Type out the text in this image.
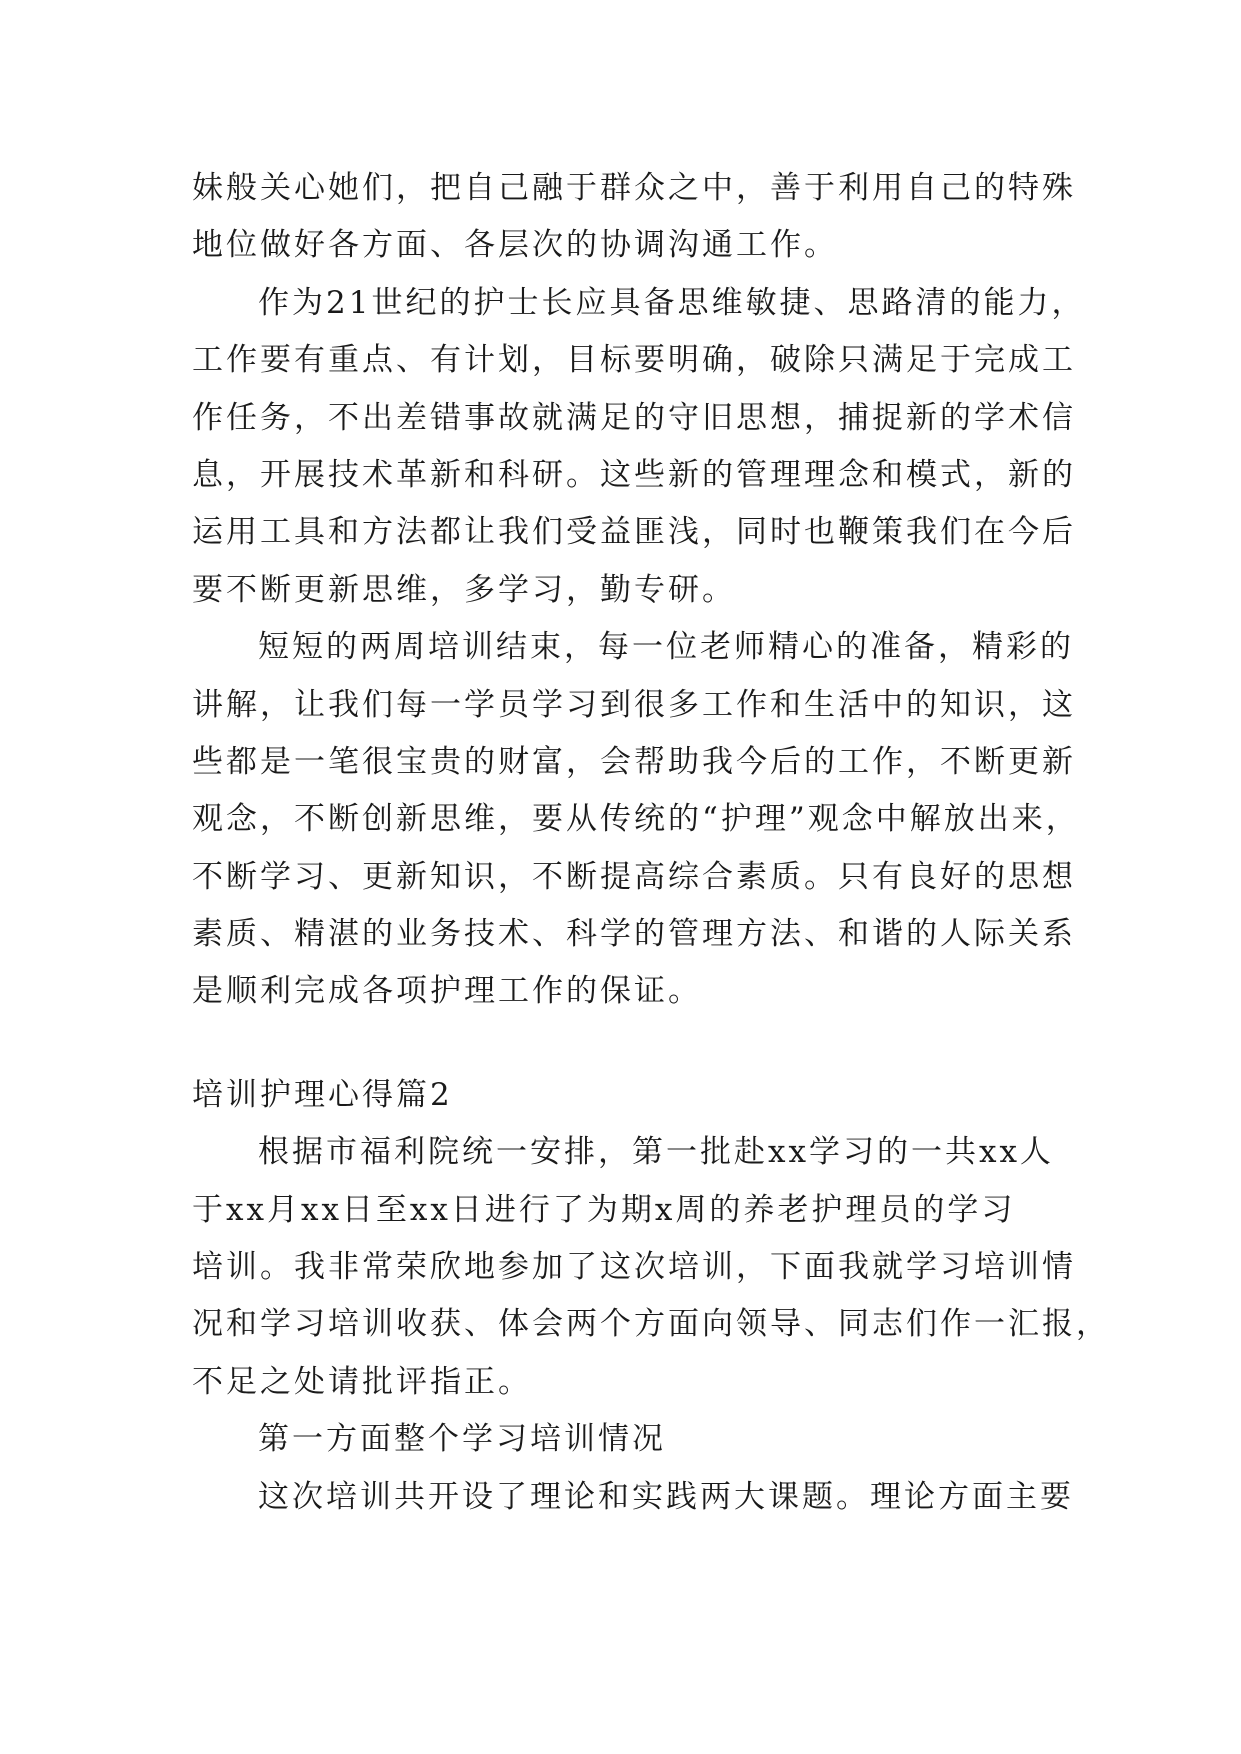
妹般关心她们，把自己融于群众之中，善于利用自己的特殊
地位做好各方面、各层次的协调沟通工作。
作为21世纪的护士长应具备思维敏捷、思路清的能力，
工作要有重点、有计划，目标要明确，破除只满足于完成工
作任务，不出差错事故就满足的守旧思想，捕捉新的学术信
息，开展技术革新和科研。这些新的管理理念和模式，新的
运用工具和方法都让我们受益匪浅，同时也鞭策我们在今后
要不断更新思维，多学习，勤专研。
短短的两周培训结束，每一位老师精心的准备，精彩的
讲解，让我们每一学员学习到很多工作和生活中的知识，这
些都是一笔很宝贵的财富，会帮助我今后的工作，不断更新
观念，不断创新思维，要从传统的“护理”观念中解放出来，
不断学习、更新知识，不断提高综合素质。只有良好的思想
素质、精湛的业务技术、科学的管理方法、和谐的人际关系
是顺利完成各项护理工作的保证。
培训护理心得篇2
根据市福利院统一安排，第一批赴xx学习的一共xx人
于xx月xx日至xx日进行了为期x周的养老护理员的学习
培训。我非常荣欣地参加了这次培训，下面我就学习培训情
况和学习培训收获、体会两个方面向领导、同志们作一汇报，
不足之处请批评指正。
第一方面整个学习培训情况
这次培训共开设了理论和实践两大课题。理论方面主要
